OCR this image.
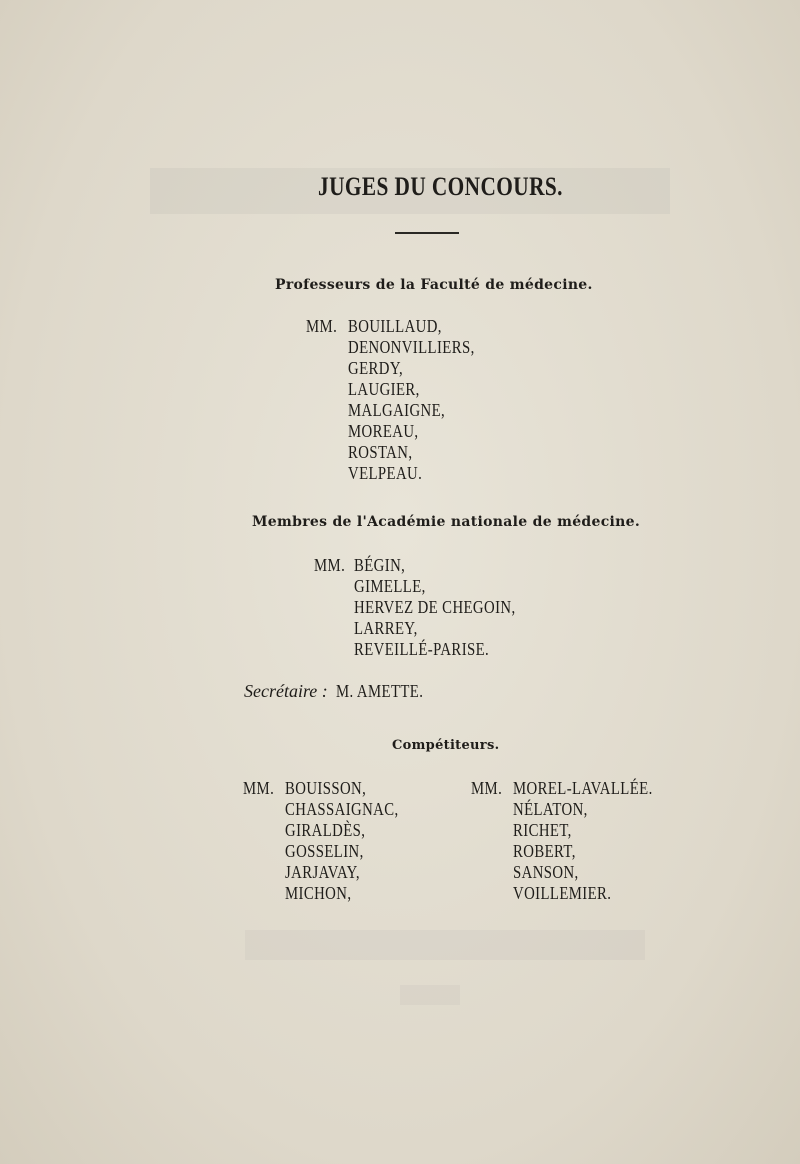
JUGES DU CONCOURS.
Professeurs de la Faculté de médecine.
MM. BOUILLAUD,
DENONVILLIERS,
GERDY,
LAUGIER,
MALGAIGNE,
MOREAU,
ROSTAN,
VELPEAU.
Membres de l'Académie nationale de médecine.
MM. BÉGIN,
GIMELLE,
HERVEZ DE CHEGOIN,
LARREY,
REVEILLÉ-PARISE.
Secrétaire : M. AMETTE.
Compétiteurs.
MM. BOUISSON,
CHASSAIGNAC,
GIRALDÈS,
GOSSELIN,
JARJAVAY,
MICHON,
MM. MOREL-LAVALLÉE.
NÉLATON,
RICHET,
ROBERT,
SANSON,
VOILLEMIER.
